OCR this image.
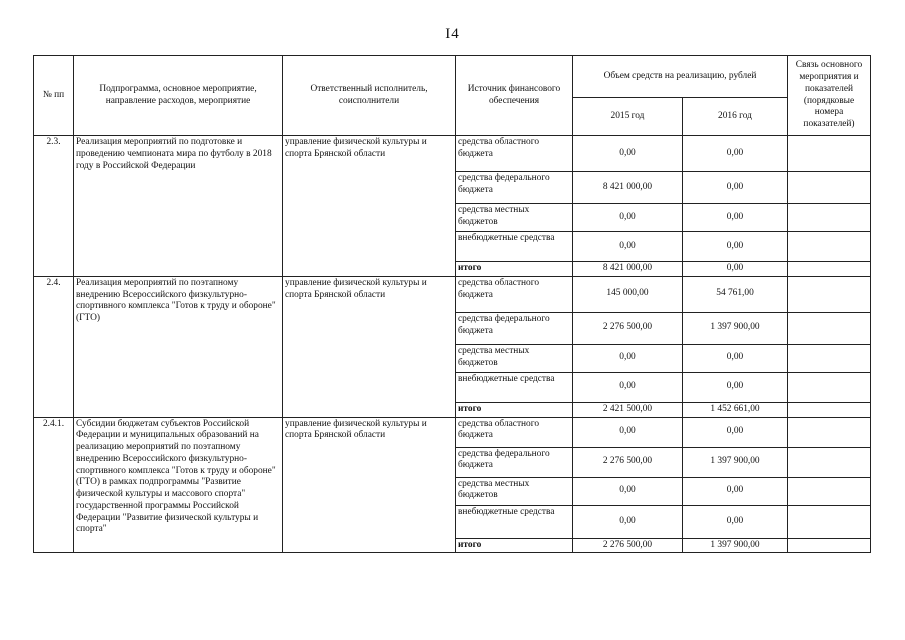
I4
№ пп	Подпрограмма, основное мероприятие, направление расходов, мероприятие	Ответственный исполнитель, соисполнители	Источник финансового обеспечения	Объем средств на реализацию, рублей		Связь основного мероприятия и показателей (порядковые номера показателей)
				2015 год	2016 год	
2.3.	Реализация мероприятий по подготовке и проведению чемпионата мира по футболу в 2018 году в Российской Федерации	управление физической культуры и спорта Брянской области	средства областного бюджета	0,00	0,00	
			средства федерального бюджета	8 421 000,00	0,00	
			средства местных бюджетов	0,00	0,00	
			внебюджетные средства	0,00	0,00	
			итого	8 421 000,00	0,00	
2.4.	Реализация мероприятий по поэтапному внедрению Всероссийского физкультурно-спортивного комплекса "Готов к труду и обороне" (ГТО)	управление физической культуры и спорта Брянской области	средства областного бюджета	145 000,00	54 761,00	
			средства федерального бюджета	2 276 500,00	1 397 900,00	
			средства местных бюджетов	0,00	0,00	
			внебюджетные средства	0,00	0,00	
			итого	2 421 500,00	1 452 661,00	
2.4.1.	Субсидии бюджетам субъектов Российской Федерации и муниципальных образований на реализацию мероприятий по поэтапному внедрению Всероссийского физкультурно-спортивного комплекса "Готов к труду и обороне" (ГТО) в рамках подпрограммы "Развитие физической культуры и массового спорта" государственной программы Российской Федерации "Развитие физической культуры и спорта"	управление физической культуры и спорта Брянской области	средства областного бюджета	0,00	0,00	
			средства федерального бюджета	2 276 500,00	1 397 900,00	
			средства местных бюджетов	0,00	0,00	
			внебюджетные средства	0,00	0,00	
			итого	2 276 500,00	1 397 900,00	
